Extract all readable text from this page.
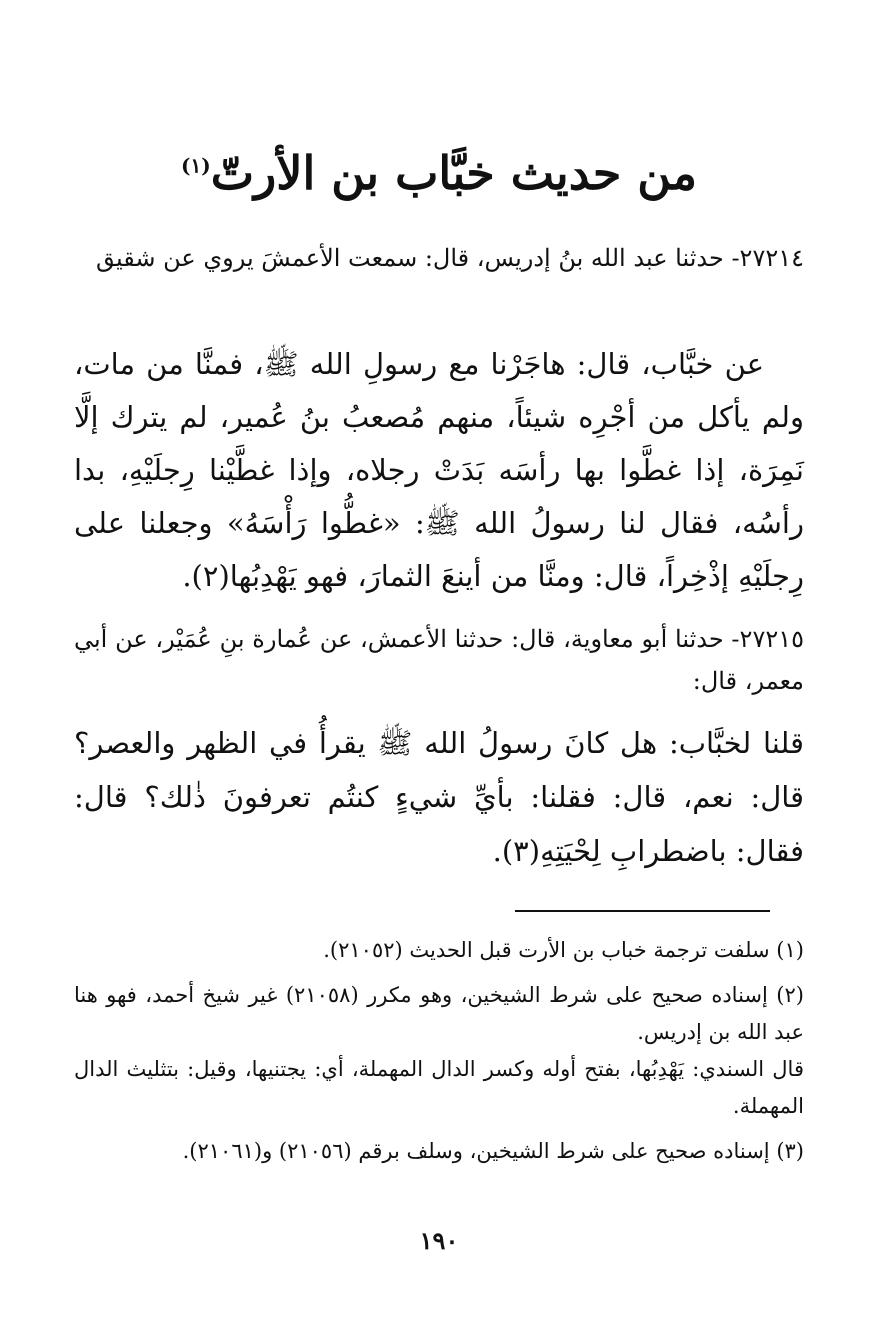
من حديث خبَّاب بن الأرتّ$^{(١)}$

٢٧٢١٤- حدثنا عبد الله بنُ إدريس، قال: سمعت الأعمشَ يروي عن شقيق

عن خبَّاب، قال: هاجَرْنا مع رسولِ الله ﷺ، فمنَّا من مات، ولم يأكل من أجْرِه شيئاً، منهم مُصعبُ بنُ عُمير، لم يترك إلَّا نَمِرَة، إذا غطَّوا بها رأسَه بَدَتْ رجلاه، وإذا غطَّيْنا رِجلَيْهِ، بدا رأسُه، فقال لنا رسولُ الله ﷺ: «غطُّوا رَأْسَهُ» وجعلنا على رِجلَيْهِ إذْخِراً، قال: ومنَّا من أينعَ الثمارَ، فهو يَهْدِبُها(٢).

٢٧٢١٥- حدثنا أبو معاوية، قال: حدثنا الأعمش، عن عُمارة بنِ عُمَيْر، عن أبي معمر، قال:

قلنا لخبَّاب: هل كانَ رسولُ الله ﷺ يقرأُ في الظهر والعصر؟ قال: نعم، قال: فقلنا: بأيِّ شيءٍ كنتُم تعرفونَ ذٰلك؟ قال: فقال: باضطرابِ لِحْيَتِهِ(٣).

(١) سلفت ترجمة خباب بن الأرت قبل الحديث (٢١٠٥٢).

(٢) إسناده صحيح على شرط الشيخين، وهو مكرر (٢١٠٥٨) غير شيخ أحمد، فهو هنا عبد الله بن إدريس.

قال السندي: يَهْدِبُها، بفتح أوله وكسر الدال المهملة، أي: يجتنيها، وقيل: بتثليث الدال المهملة.

(٣) إسناده صحيح على شرط الشيخين، وسلف برقم (٢١٠٥٦) و(٢١٠٦١).

١٩٠
